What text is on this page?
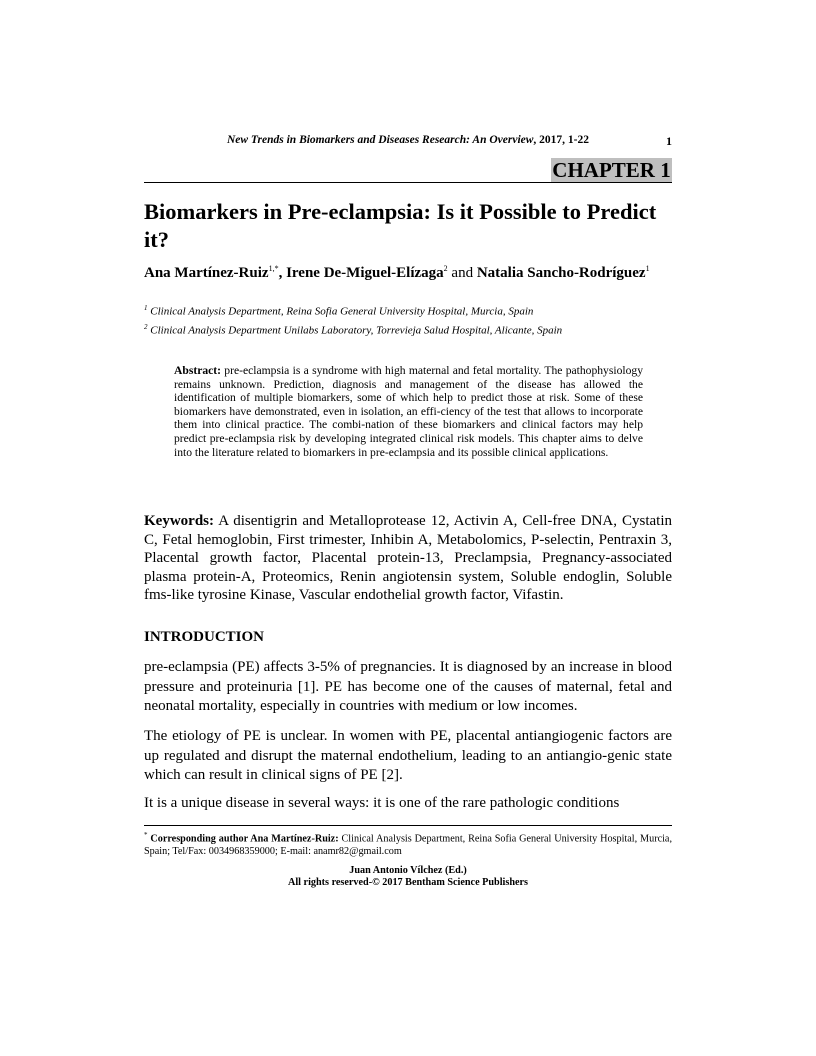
New Trends in Biomarkers and Diseases Research: An Overview, 2017, 1-22	1
CHAPTER 1
Biomarkers in Pre-eclampsia: Is it Possible to Predict it?
Ana Martínez-Ruiz$^{1,*}$, Irene De-Miguel-Elízaga$^2$ and Natalia Sancho-Rodríguez$^1$
$^1$ Clinical Analysis Department, Reina Sofia General University Hospital, Murcia, Spain
$^2$ Clinical Analysis Department Unilabs Laboratory, Torrevieja Salud Hospital, Alicante, Spain
Abstract: pre-eclampsia is a syndrome with high maternal and fetal mortality. The pathophysiology remains unknown. Prediction, diagnosis and management of the disease has allowed the identification of multiple biomarkers, some of which help to predict those at risk. Some of these biomarkers have demonstrated, even in isolation, an effi-ciency of the test that allows to incorporate them into clinical practice. The combi-nation of these biomarkers and clinical factors may help predict pre-eclampsia risk by developing integrated clinical risk models. This chapter aims to delve into the literature related to biomarkers in pre-eclampsia and its possible clinical applications.
Keywords: A disentigrin and Metalloprotease 12, Activin A, Cell-free DNA, Cystatin C, Fetal hemoglobin, First trimester, Inhibin A, Metabolomics, P-selectin, Pentraxin 3, Placental growth factor, Placental protein-13, Preclampsia, Pregnancy-associated plasma protein-A, Proteomics, Renin angiotensin system, Soluble endoglin, Soluble fms-like tyrosine Kinase, Vascular endothelial growth factor, Vifastin.
INTRODUCTION
pre-eclampsia (PE) affects 3-5% of pregnancies. It is diagnosed by an increase in blood pressure and proteinuria [1]. PE has become one of the causes of maternal, fetal and neonatal mortality, especially in countries with medium or low incomes.
The etiology of PE is unclear. In women with PE, placental antiangiogenic factors are up regulated and disrupt the maternal endothelium, leading to an antiangio-genic state which can result in clinical signs of PE [2].
It is a unique disease in several ways: it is one of the rare pathologic conditions
* Corresponding author Ana Martínez-Ruiz: Clinical Analysis Department, Reina Sofia General University Hospital, Murcia, Spain; Tel/Fax: 0034968359000; E-mail: anamr82@gmail.com
Juan Antonio Vílchez (Ed.)
All rights reserved-© 2017 Bentham Science Publishers
